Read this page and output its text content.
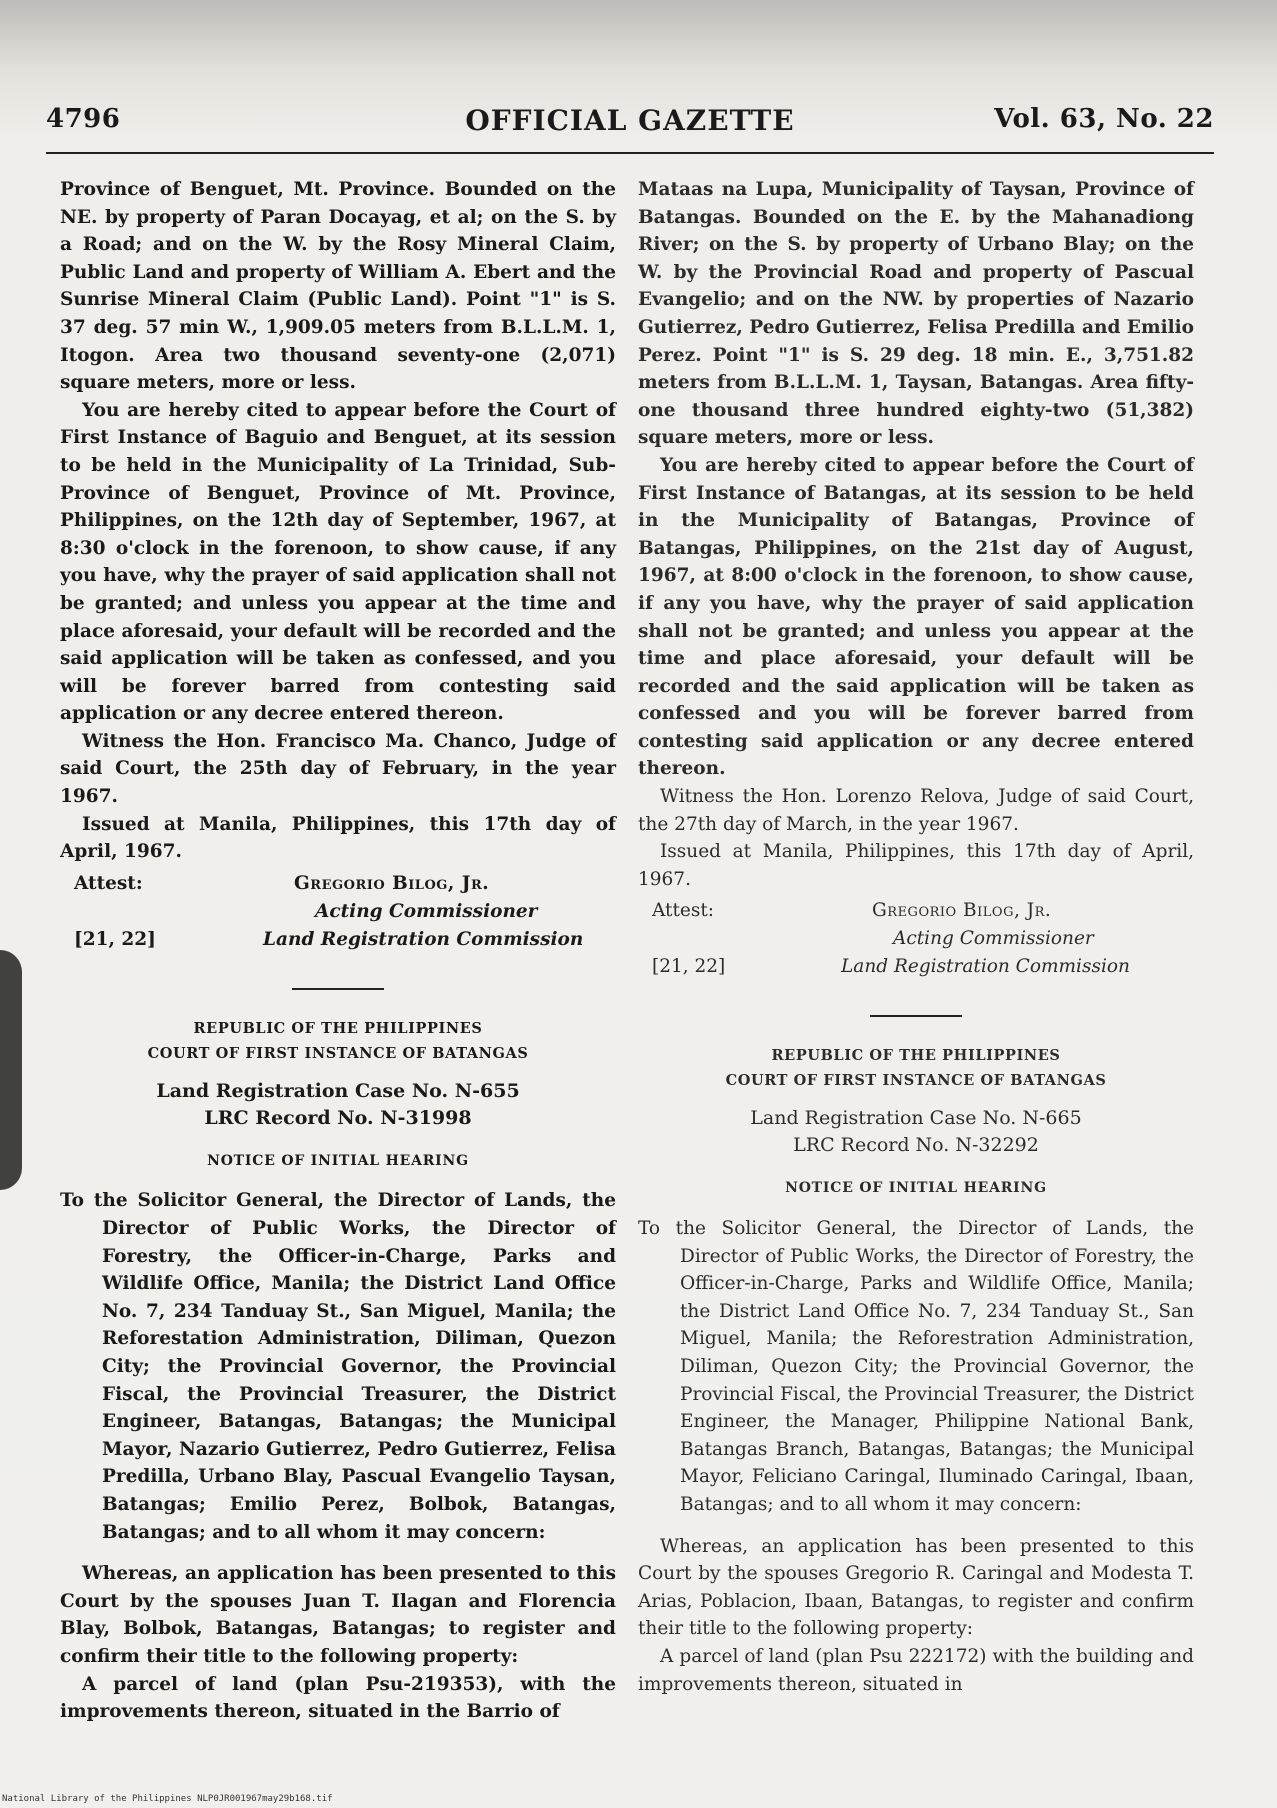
4796	OFFICIAL GAZETTE	Vol. 63, No. 22

Province of Benguet, Mt. Province. Bounded on the NE. by property of Paran Docayag, et al; on the S. by a Road; and on the W. by the Rosy Mineral Claim, Public Land and property of William A. Ebert and the Sunrise Mineral Claim (Public Land). Point "1" is S. 37 deg. 57 min W., 1,909.05 meters from B.L.L.M. 1, Itogon. Area two thousand seventy-one (2,071) square meters, more or less.

You are hereby cited to appear before the Court of First Instance of Baguio and Benguet, at its session to be held in the Municipality of La Trinidad, Sub-Province of Benguet, Province of Mt. Province, Philippines, on the 12th day of September, 1967, at 8:30 o'clock in the forenoon, to show cause, if any you have, why the prayer of said application shall not be granted; and unless you appear at the time and place aforesaid, your default will be recorded and the said application will be taken as confessed, and you will be forever barred from contesting said application or any decree entered thereon.

Witness the Hon. Francisco Ma. Chanco, Judge of said Court, the 25th day of February, in the year 1967.

Issued at Manila, Philippines, this 17th day of April, 1967.

Attest:	Gregorio Bilog, Jr.
Acting Commissioner
[21, 22]	Land Registration Commission
REPUBLIC OF THE PHILIPPINES
COURT OF FIRST INSTANCE OF BATANGAS
Land Registration Case No. N-655
LRC Record No. N-31998
NOTICE OF INITIAL HEARING

To the Solicitor General, the Director of Lands, the Director of Public Works, the Director of Forestry, the Officer-in-Charge, Parks and Wildlife Office, Manila; the District Land Office No. 7, 234 Tanduay St., San Miguel, Manila; the Reforestation Administration, Diliman, Quezon City; the Provincial Governor, the Provincial Fiscal, the Provincial Treasurer, the District Engineer, Batangas, Batangas; the Municipal Mayor, Nazario Gutierrez, Pedro Gutierrez, Felisa Predilla, Urbano Blay, Pascual Evangelio Taysan, Batangas; Emilio Perez, Bolbok, Batangas, Batangas; and to all whom it may concern:

Whereas, an application has been presented to this Court by the spouses Juan T. Ilagan and Florencia Blay, Bolbok, Batangas, Batangas; to register and confirm their title to the following property:

A parcel of land (plan Psu-219353), with the improvements thereon, situated in the Barrio of

Mataas na Lupa, Municipality of Taysan, Province of Batangas. Bounded on the E. by the Mahanadiong River; on the S. by property of Urbano Blay; on the W. by the Provincial Road and property of Pascual Evangelio; and on the NW. by properties of Nazario Gutierrez, Pedro Gutierrez, Felisa Predilla and Emilio Perez. Point "1" is S. 29 deg. 18 min. E., 3,751.82 meters from B.L.L.M. 1, Taysan, Batangas. Area fifty-one thousand three hundred eighty-two (51,382) square meters, more or less.

You are hereby cited to appear before the Court of First Instance of Batangas, at its session to be held in the Municipality of Batangas, Province of Batangas, Philippines, on the 21st day of August, 1967, at 8:00 o'clock in the forenoon, to show cause, if any you have, why the prayer of said application shall not be granted; and unless you appear at the time and place aforesaid, your default will be recorded and the said application will be taken as confessed and you will be forever barred from contesting said application or any decree entered thereon.

Witness the Hon. Lorenzo Relova, Judge of said Court, the 27th day of March, in the year 1967.

Issued at Manila, Philippines, this 17th day of April, 1967.

Attest:	Gregorio Bilog, Jr.
Acting Commissioner
[21, 22]	Land Registration Commission
REPUBLIC OF THE PHILIPPINES
COURT OF FIRST INSTANCE OF BATANGAS
Land Registration Case No. N-665
LRC Record No. N-32292
NOTICE OF INITIAL HEARING

To the Solicitor General, the Director of Lands, the Director of Public Works, the Director of Forestry, the Officer-in-Charge, Parks and Wildlife Office, Manila; the District Land Office No. 7, 234 Tanduay St., San Miguel, Manila; the Reforestration Administration, Diliman, Quezon City; the Provincial Governor, the Provincial Fiscal, the Provincial Treasurer, the District Engineer, the Manager, Philippine National Bank, Batangas Branch, Batangas, Batangas; the Municipal Mayor, Feliciano Caringal, Iluminado Caringal, Ibaan, Batangas; and to all whom it may concern:

Whereas, an application has been presented to this Court by the spouses Gregorio R. Caringal and Modesta T. Arias, Poblacion, Ibaan, Batangas, to register and confirm their title to the following property:

A parcel of land (plan Psu 222172) with the building and improvements thereon, situated in

National Library of the Philippines NLP0JR001967may29b168.tif
